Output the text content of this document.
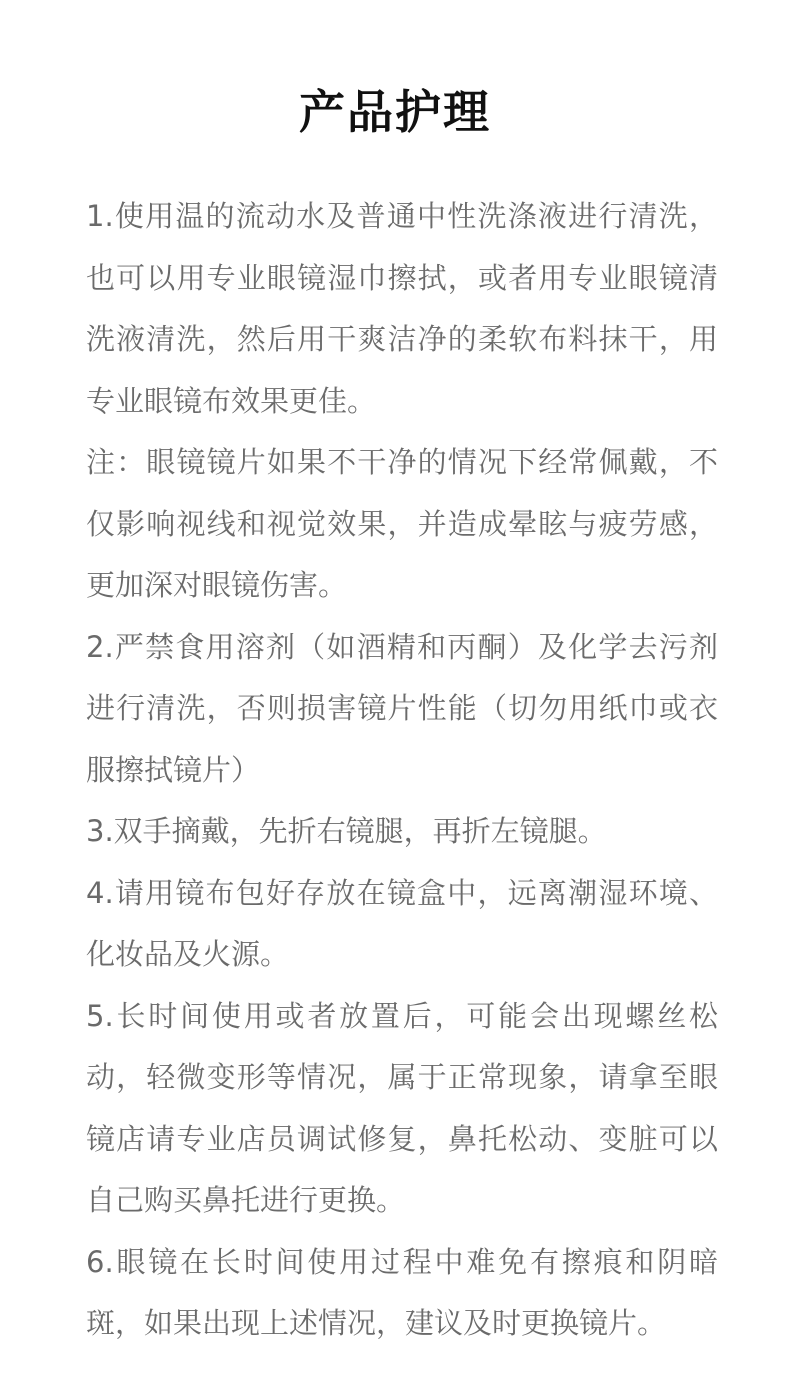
产品护理

1.使用温的流动水及普通中性洗涤液进行清洗，也可以用专业眼镜湿巾擦拭，或者用专业眼镜清洗液清洗，然后用干爽洁净的柔软布料抹干，用专业眼镜布效果更佳。

注：眼镜镜片如果不干净的情况下经常佩戴，不仅影响视线和视觉效果，并造成晕眩与疲劳感，更加深对眼镜伤害。

2.严禁食用溶剂（如酒精和丙酮）及化学去污剂进行清洗，否则损害镜片性能（切勿用纸巾或衣服擦拭镜片）

3.双手摘戴，先折右镜腿，再折左镜腿。

4.请用镜布包好存放在镜盒中，远离潮湿环境、化妆品及火源。

5.长时间使用或者放置后，可能会出现螺丝松动，轻微变形等情况，属于正常现象，请拿至眼镜店请专业店员调试修复，鼻托松动、变脏可以自己购买鼻托进行更换。

6.眼镜在长时间使用过程中难免有擦痕和阴暗斑，如果出现上述情况，建议及时更换镜片。
